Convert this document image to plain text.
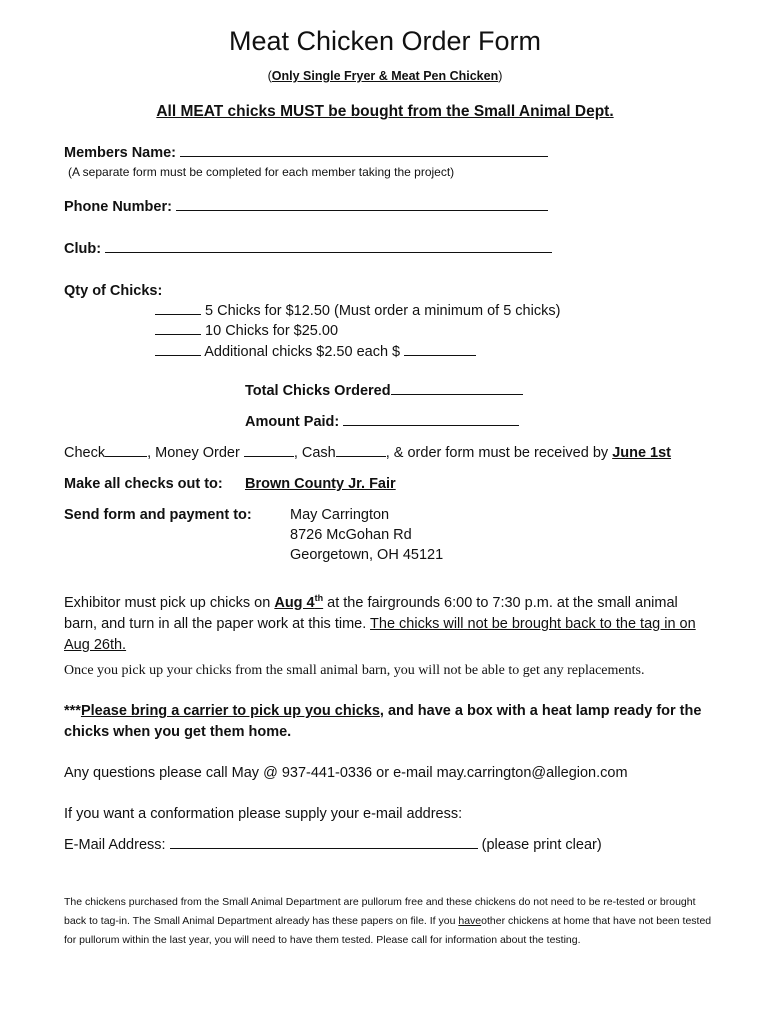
Meat Chicken Order Form
(Only Single Fryer & Meat Pen Chicken)
All MEAT chicks MUST be bought from the Small Animal Dept.
Members Name:
(A separate form must be completed for each member taking the project)
Phone Number:
Club:
Qty of Chicks:
5 Chicks for $12.50 (Must order a minimum of 5 chicks)
10 Chicks for $25.00
Additional chicks $2.50 each $
Total Chicks Ordered
Amount Paid:
Check	, Money Order	, Cash	, & order form must be received by June 1st
Make all checks out to: Brown County Jr. Fair
Send form and payment to:	May Carrington
8726 McGohan Rd
Georgetown, OH 45121
Exhibitor must pick up chicks on Aug 4th at the fairgrounds 6:00 to 7:30 p.m. at the small animal barn, and turn in all the paper work at this time. The chicks will not be brought back to the tag in on Aug 26th.
Once you pick up your chicks from the small animal barn, you will not be able to get any replacements.
***Please bring a carrier to pick up you chicks, and have a box with a heat lamp ready for the chicks when you get them home.
Any questions please call May @ 937-441-0336 or e-mail may.carrington@allegion.com
If you want a conformation please supply your e-mail address:
E-Mail Address:	(please print clear)
The chickens purchased from the Small Animal Department are pullorum free and these chickens do not need to be re-tested or brought back to tag-in. The Small Animal Department already has these papers on file. If you haveother chickens at home that have not been tested for pullorum within the last year, you will need to have them tested. Please call for information about the testing.
